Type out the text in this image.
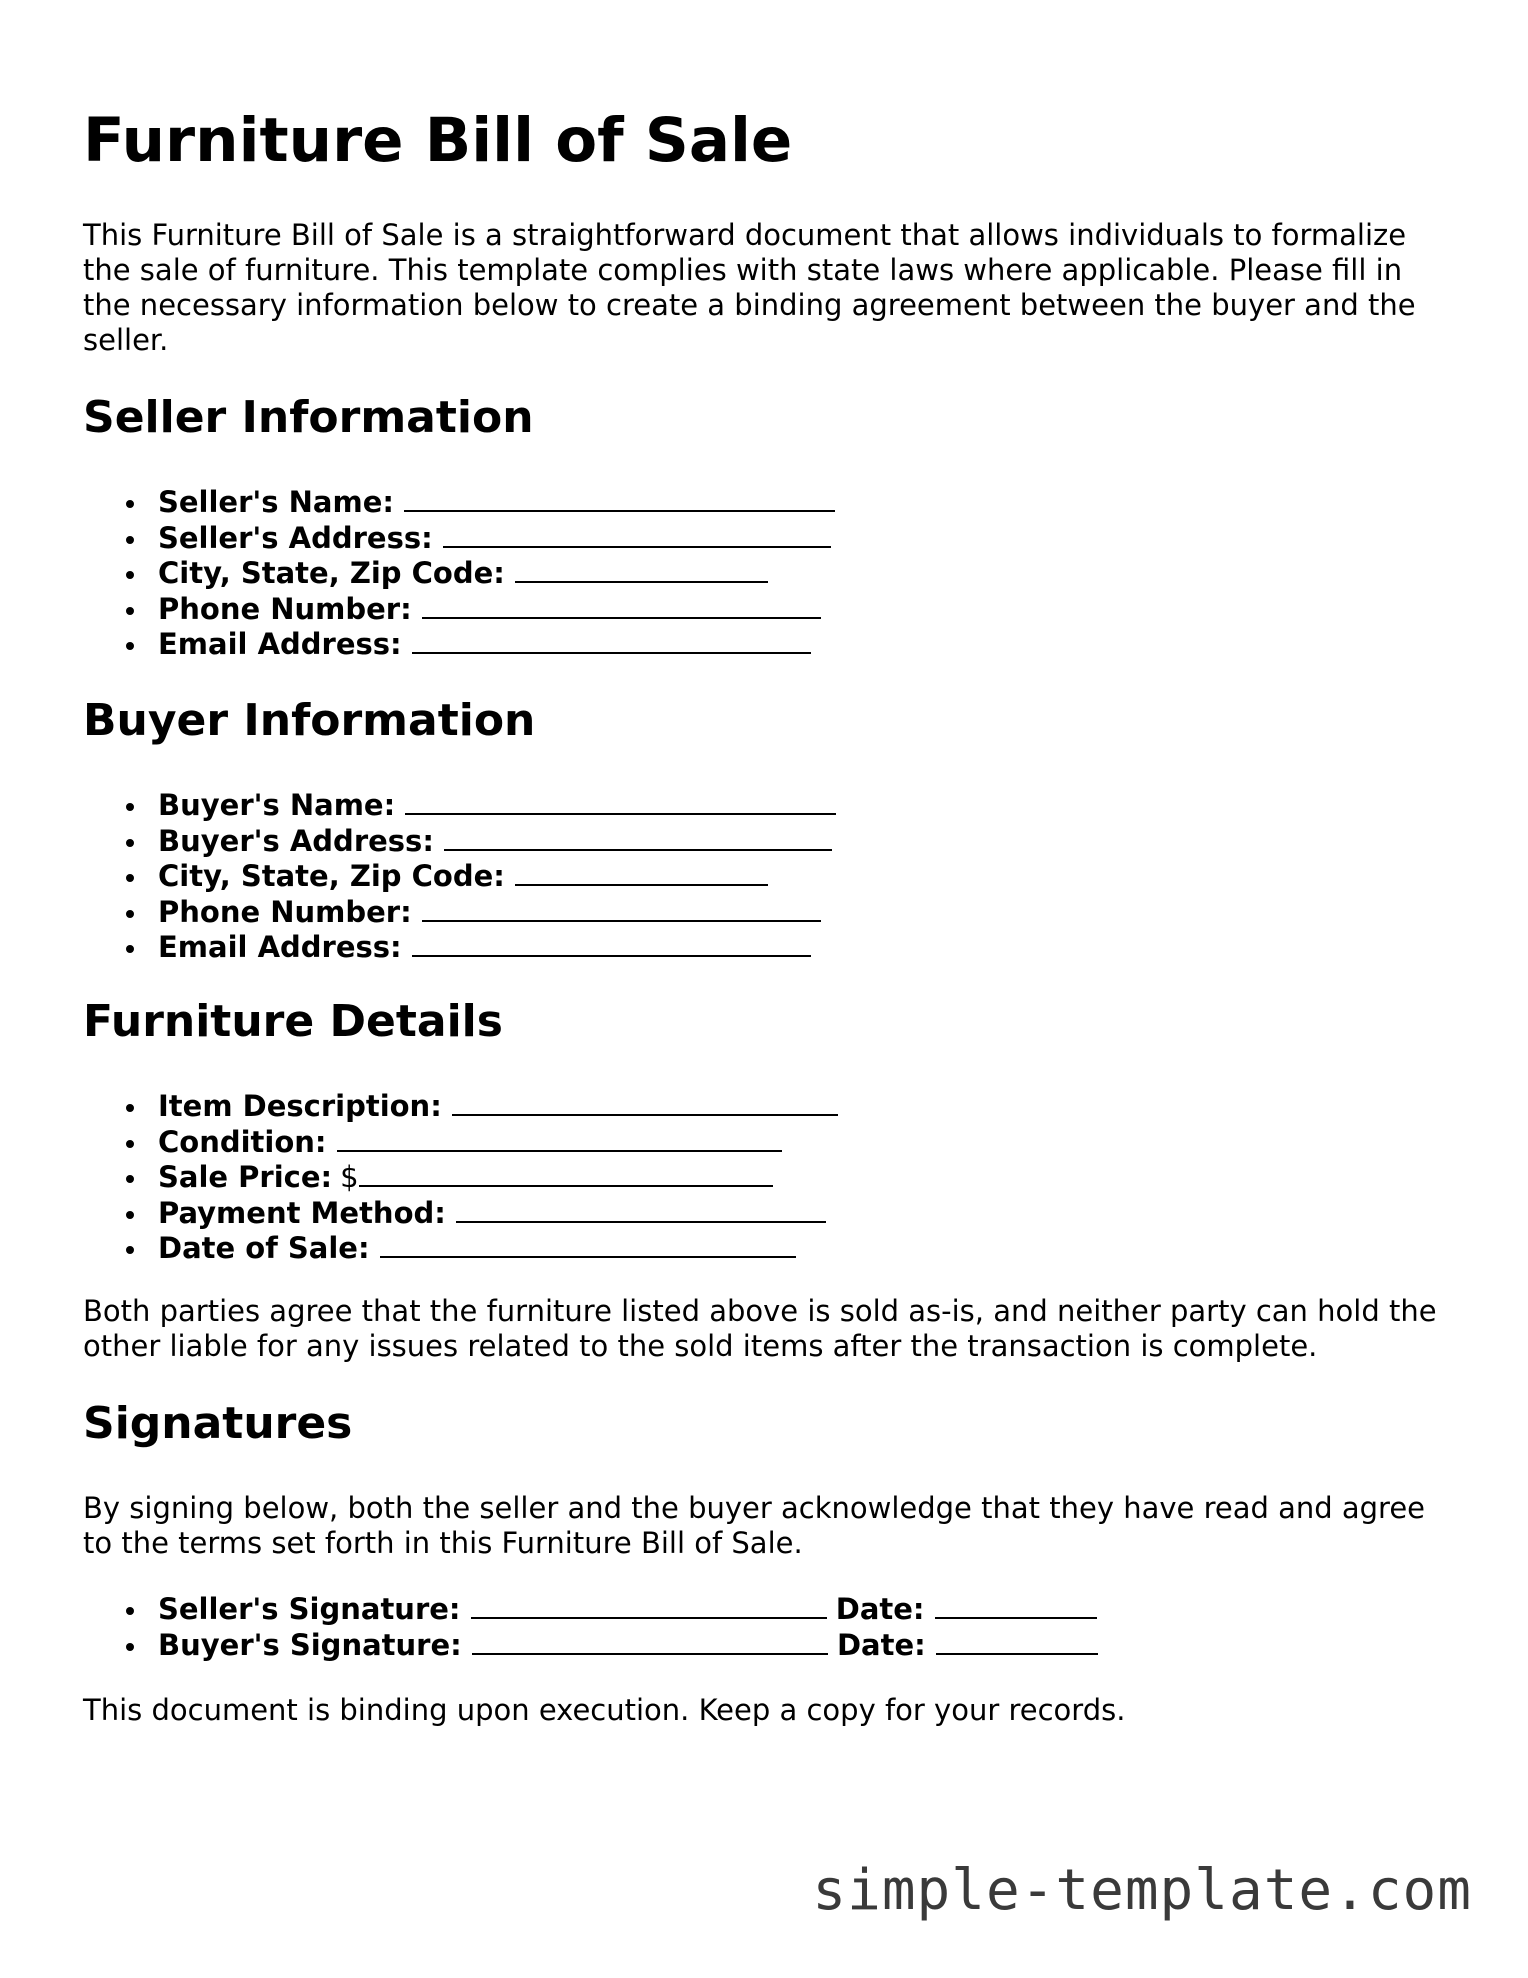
Furniture Bill of Sale

This Furniture Bill of Sale is a straightforward document that allows individuals to formalize the sale of furniture. This template complies with state laws where applicable. Please fill in the necessary information below to create a binding agreement between the buyer and the seller.

Seller Information
Seller's Name:
Seller's Address:
City, State, Zip Code:
Phone Number:
Email Address:
Buyer Information
Buyer's Name:
Buyer's Address:
City, State, Zip Code:
Phone Number:
Email Address:
Furniture Details
Item Description:
Condition:
Sale Price: $
Payment Method:
Date of Sale:

Both parties agree that the furniture listed above is sold as-is, and neither party can hold the other liable for any issues related to the sold items after the transaction is complete.

Signatures

By signing below, both the seller and the buyer acknowledge that they have read and agree to the terms set forth in this Furniture Bill of Sale.

Seller's Signature:	Date:
Buyer's Signature:	Date:

This document is binding upon execution. Keep a copy for your records.

simple-template.com
